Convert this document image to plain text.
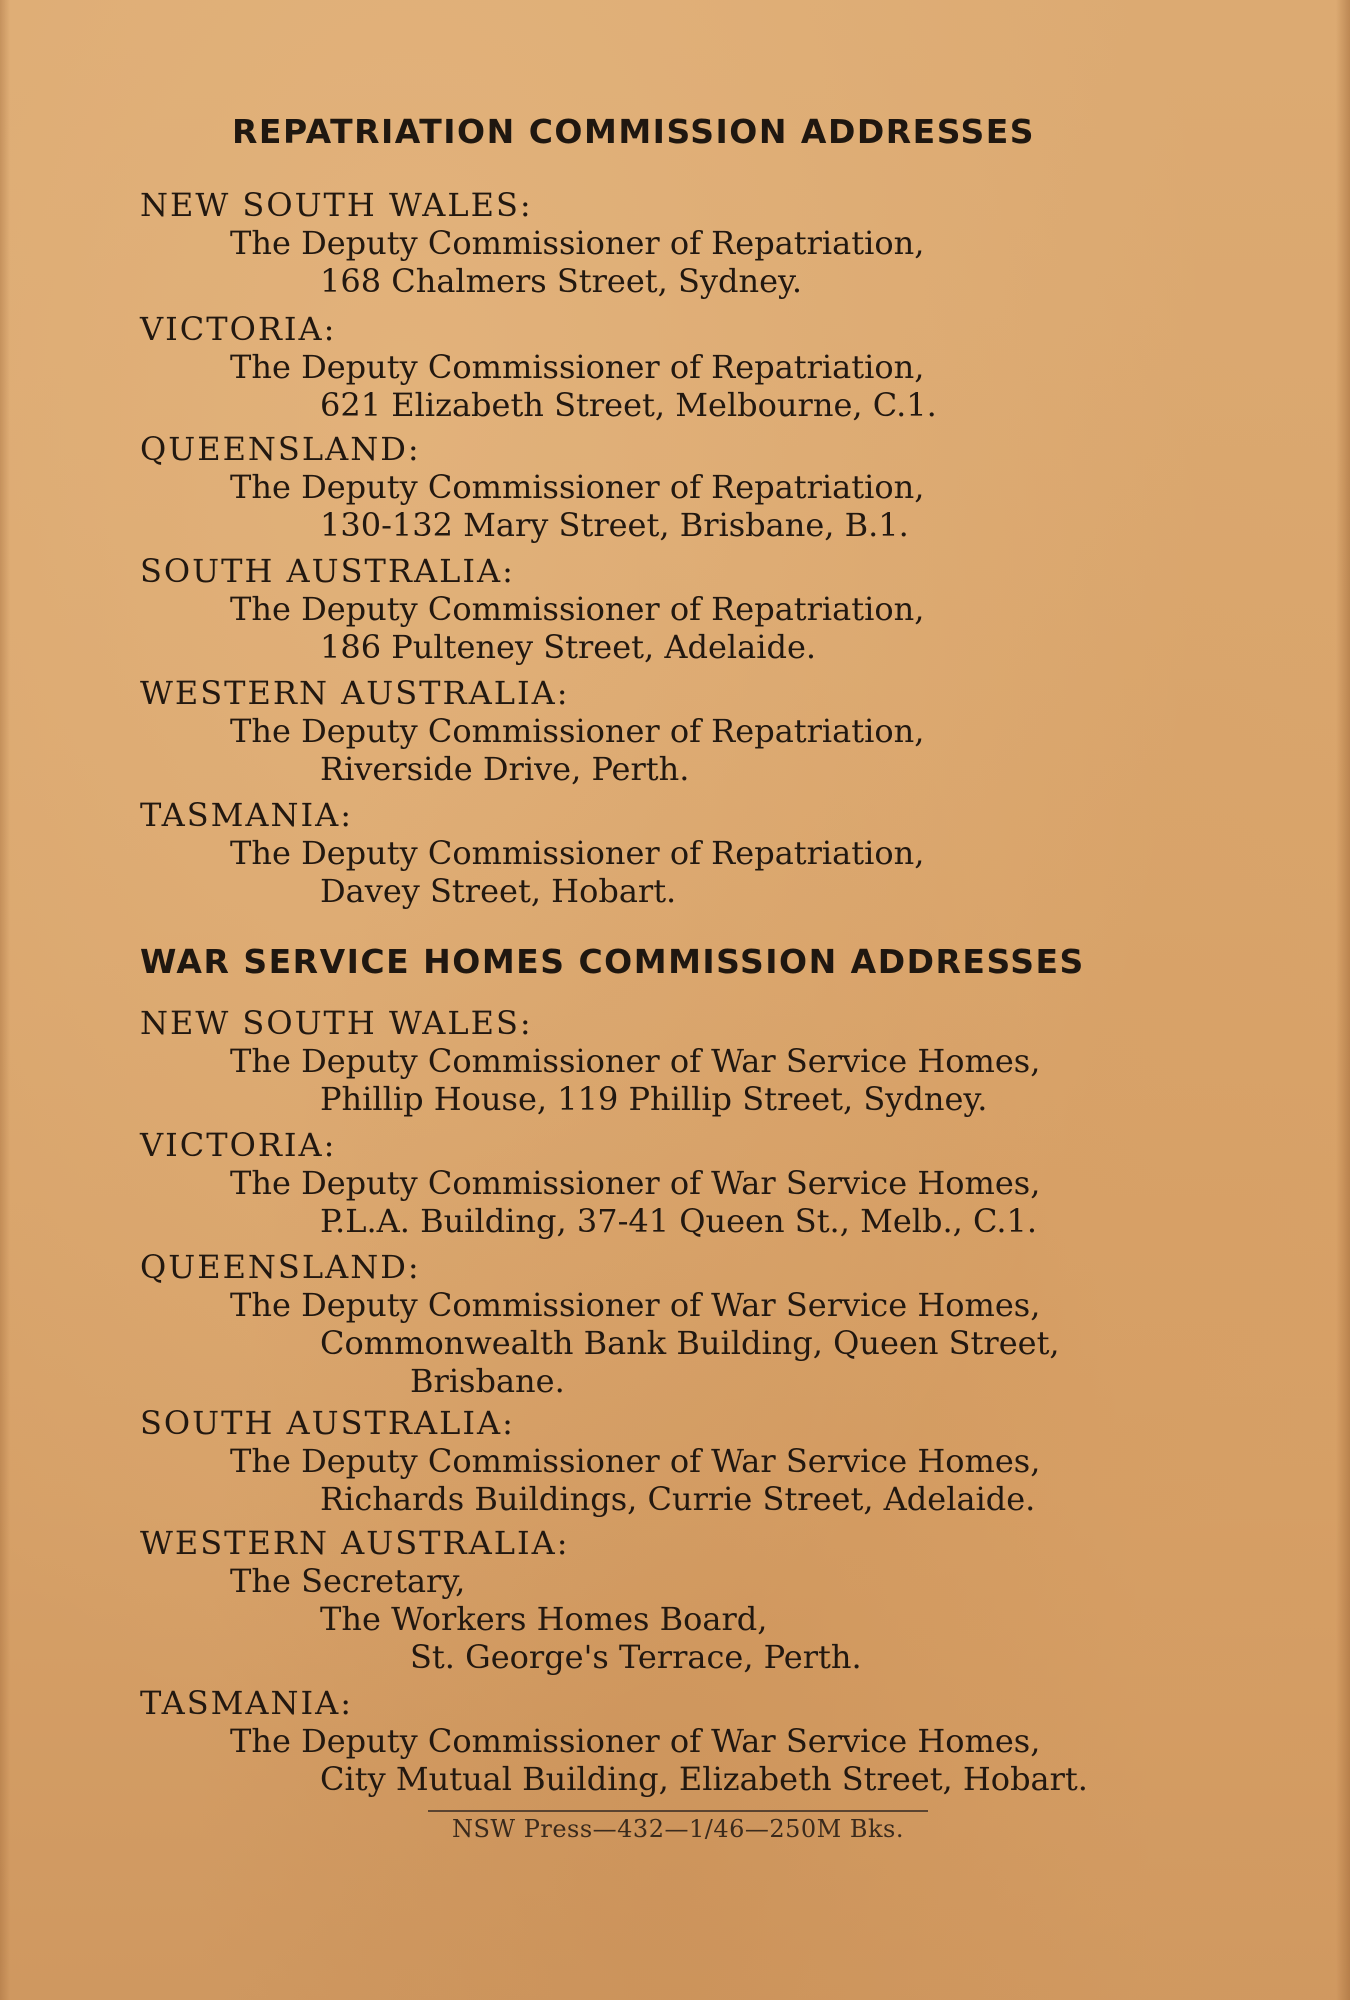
REPATRIATION COMMISSION ADDRESSES
NEW SOUTH WALES:
The Deputy Commissioner of Repatriation,
168 Chalmers Street, Sydney.
VICTORIA:
The Deputy Commissioner of Repatriation,
621 Elizabeth Street, Melbourne, C.1.
QUEENSLAND:
The Deputy Commissioner of Repatriation,
130-132 Mary Street, Brisbane, B.1.
SOUTH AUSTRALIA:
The Deputy Commissioner of Repatriation,
186 Pulteney Street, Adelaide.
WESTERN AUSTRALIA:
The Deputy Commissioner of Repatriation,
Riverside Drive, Perth.
TASMANIA:
The Deputy Commissioner of Repatriation,
Davey Street, Hobart.
WAR SERVICE HOMES COMMISSION ADDRESSES
NEW SOUTH WALES:
The Deputy Commissioner of War Service Homes,
Phillip House, 119 Phillip Street, Sydney.
VICTORIA:
The Deputy Commissioner of War Service Homes,
P.L.A. Building, 37-41 Queen St., Melb., C.1.
QUEENSLAND:
The Deputy Commissioner of War Service Homes,
Commonwealth Bank Building, Queen Street,
Brisbane.
SOUTH AUSTRALIA:
The Deputy Commissioner of War Service Homes,
Richards Buildings, Currie Street, Adelaide.
WESTERN AUSTRALIA:
The Secretary,
The Workers Homes Board,
St. George's Terrace, Perth.
TASMANIA:
The Deputy Commissioner of War Service Homes,
City Mutual Building, Elizabeth Street, Hobart.
NSW Press—432—1/46—250M Bks.
